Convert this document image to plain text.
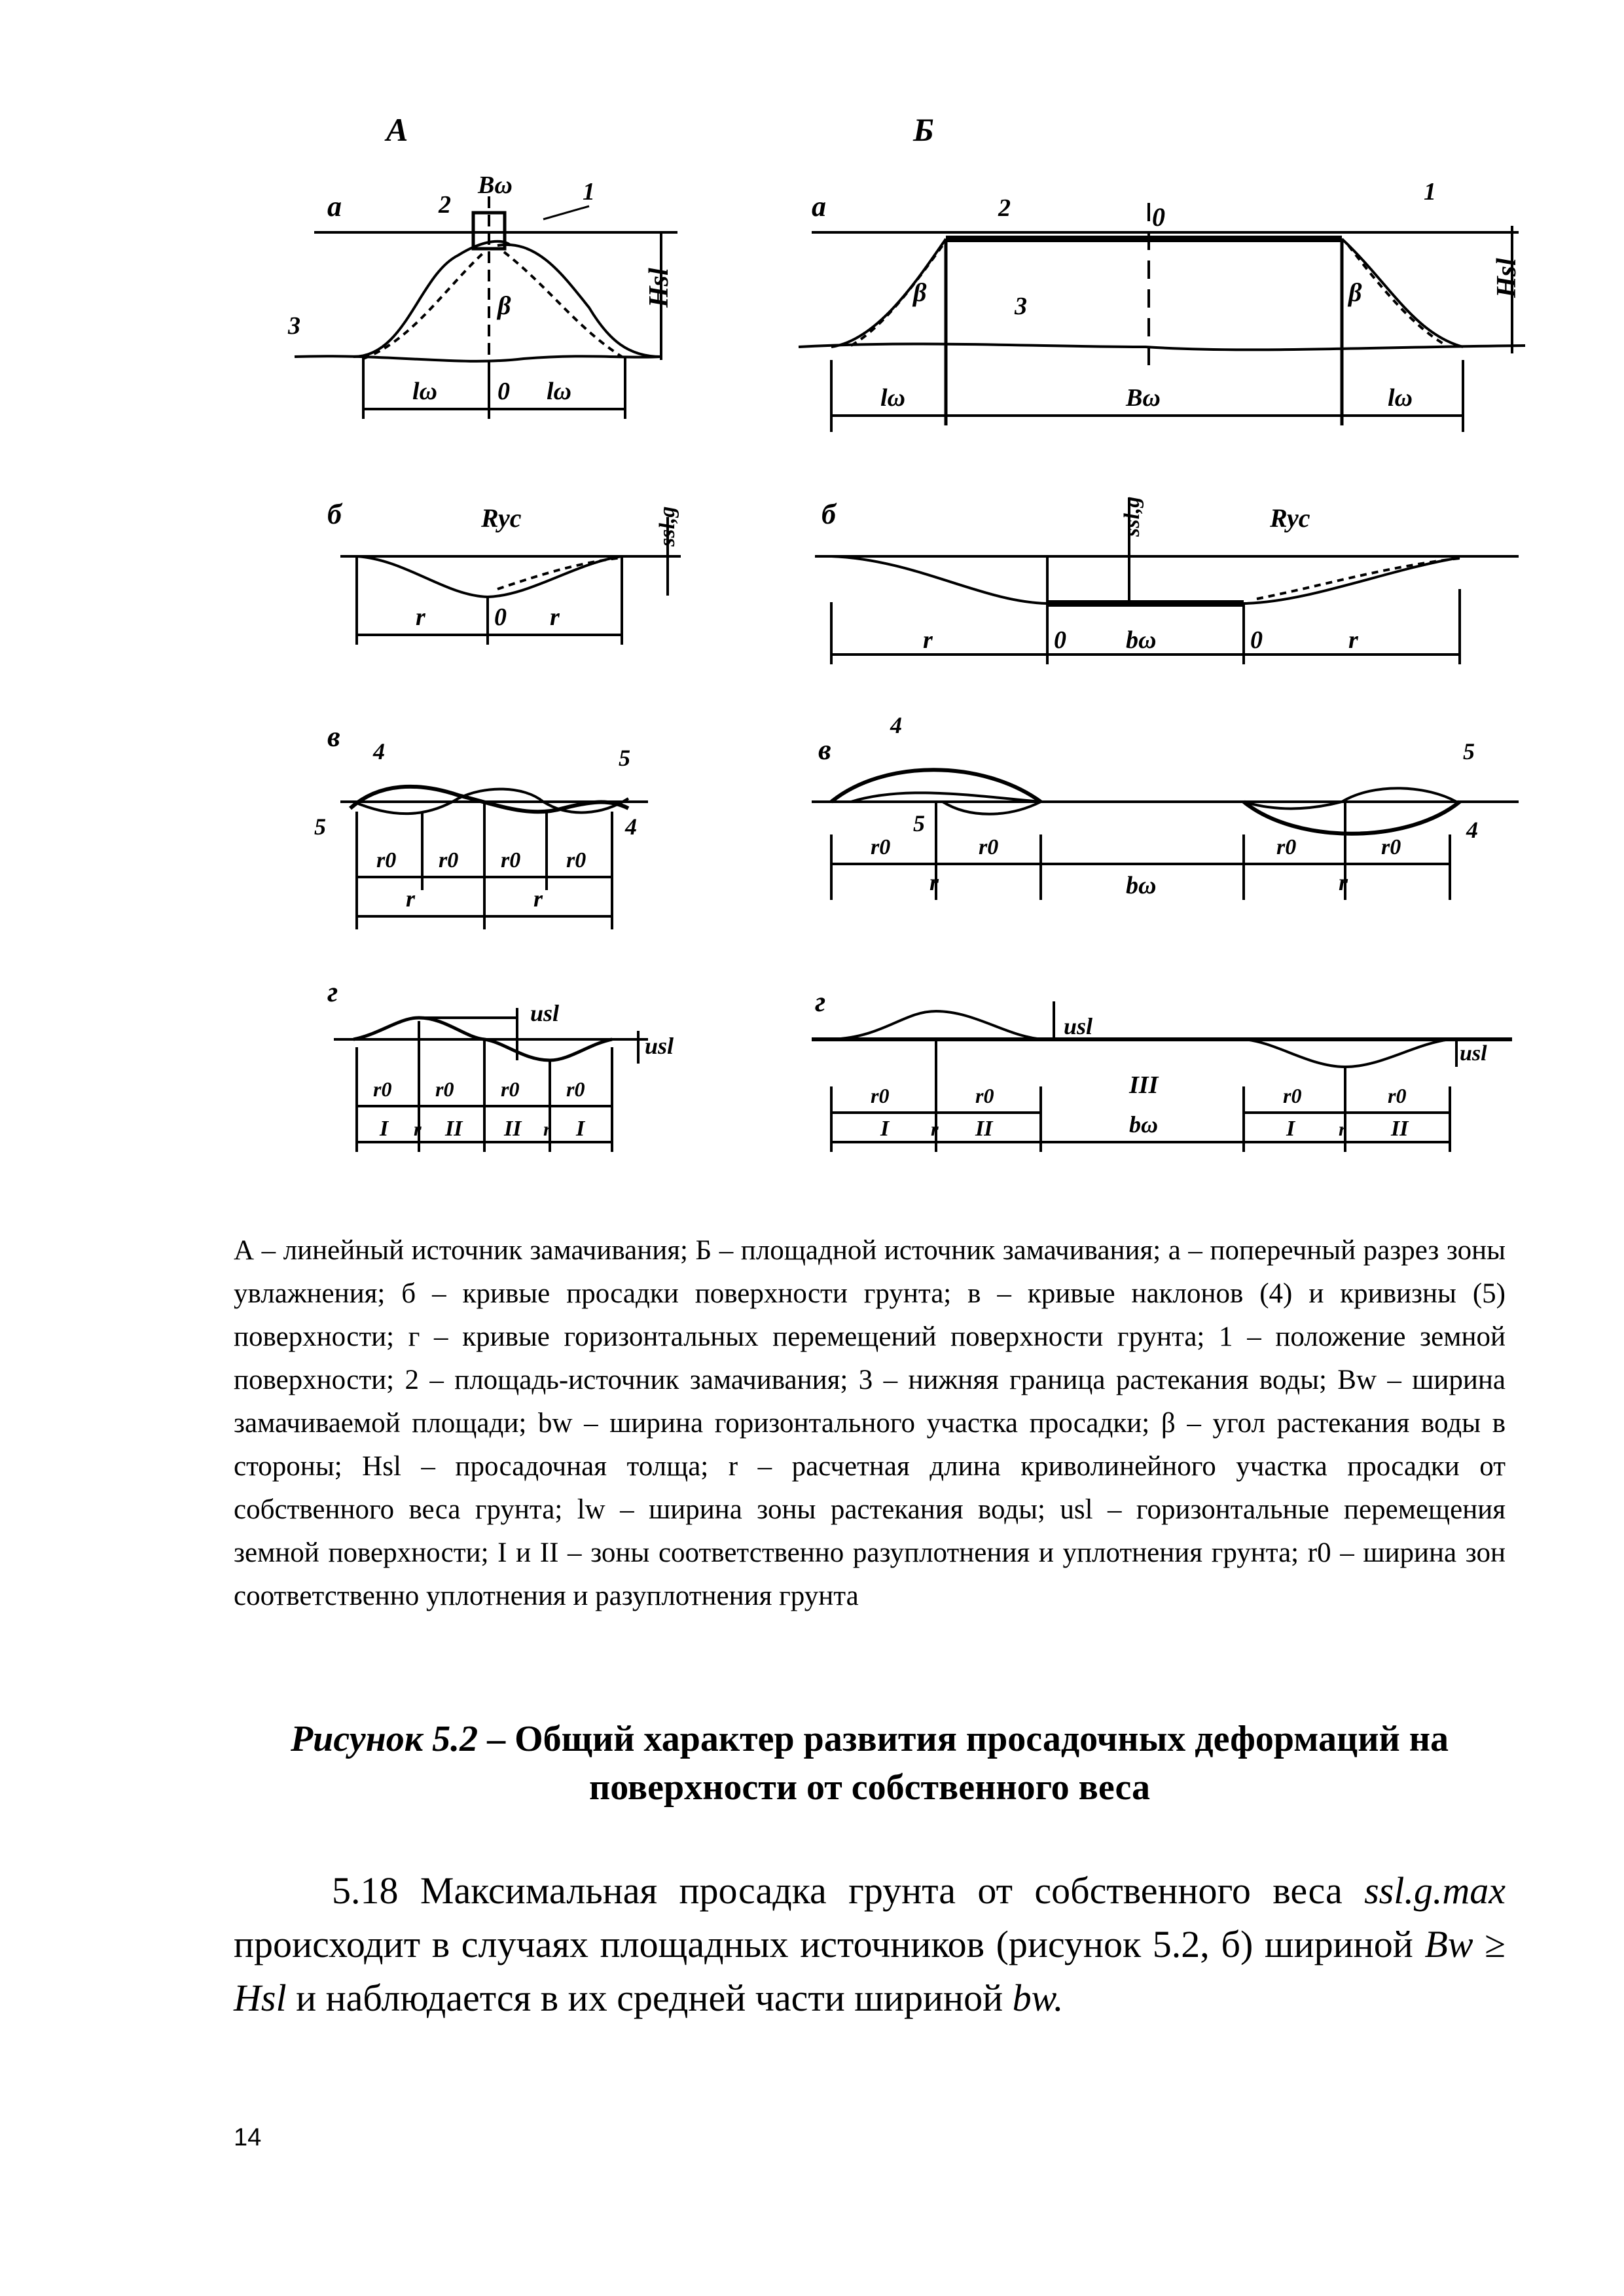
А	Б
а
Hsl
Bω
2	1
3
β
lω 0 lω
а	0
2
1
3
β	β	Hsl
lω	Bω	lω
б	Ryc	ssl,g
r	0 r
б	ssl,g	Ryc
r	0 bω	0	r
в 4	5
5	4
r0 r0 r0 r0
r	r
в
4
5
5
4
r0	r0	r0	r0
r	bω	r
г
usl
usl
r0 r0 r0 r0
I r II II r I
г
usl
usl
III
bω
r0	r0	r0	r0
I r II	I r II

А – линейный источник замачивания; Б – площадной источник замачивания; а – поперечный разрез зоны увлажнения; б – кривые просадки поверхности грунта; в – кривые наклонов (4) и кривизны (5) поверхности; г – кривые горизонтальных перемещений поверхности грунта; 1 – положение земной поверхности; 2 – площадь-источник замачивания; 3 – нижняя граница растекания воды; Bw – ширина замачиваемой площади; bw – ширина горизонтального участка просадки; β – угол растекания воды в стороны; Hsl – просадочная толща; r – расчетная длина криволинейного участка просадки от собственного веса грунта; lw – ширина зоны растекания воды; usl – горизонтальные перемещения земной поверхности; I и II – зоны соответственно разуплотнения и уплотнения грунта; r0 – ширина зон соответственно уплотнения и разуплотнения грунта

Рисунок 5.2 – Общий характер развития просадочных деформаций на поверхности от собственного веса

5.18 Максимальная просадка грунта от собственного веса ssl.g.max происходит в случаях площадных источников (рисунок 5.2, б) шириной Bw ≥ Hsl и наблюдается в их средней части шириной bw.

14
